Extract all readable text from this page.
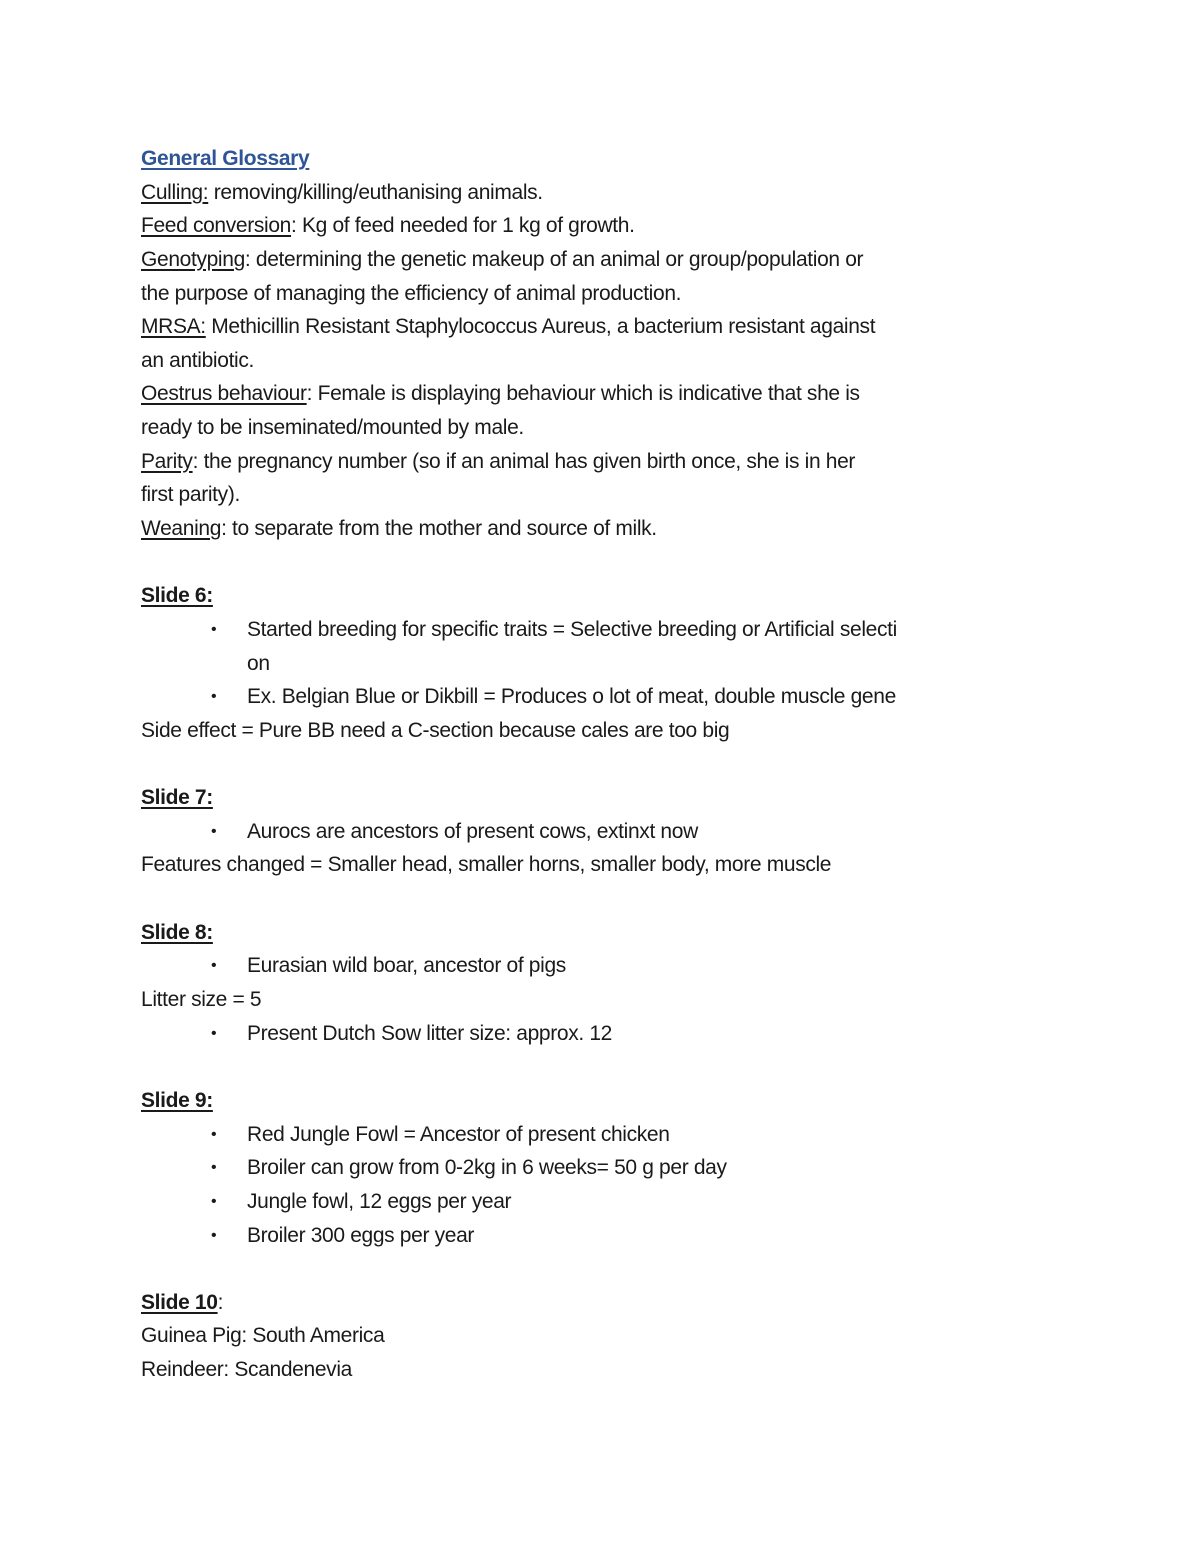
General Glossary
Culling: removing/killing/euthanising animals.
Feed conversion: Kg of feed needed for 1 kg of growth.
Genotyping: determining the genetic makeup of an animal or group/population or
the purpose of managing the efficiency of animal production.
MRSA: Methicillin Resistant Staphylococcus Aureus, a bacterium resistant against
an antibiotic.
Oestrus behaviour: Female is displaying behaviour which is indicative that she is
ready to be inseminated/mounted by male.
Parity: the pregnancy number (so if an animal has given birth once, she is in her
first parity).
Weaning: to separate from the mother and source of milk.
Slide 6:
• Started breeding for specific traits = Selective breeding or Artificial selecti
on
• Ex. Belgian Blue or Dikbill = Produces o lot of meat, double muscle gene
Side effect = Pure BB need a C-section because cales are too big
Slide 7:
• Aurocs are ancestors of present cows, extinxt now
Features changed = Smaller head, smaller horns, smaller body, more muscle
Slide 8:
• Eurasian wild boar, ancestor of pigs
Litter size = 5
• Present Dutch Sow litter size: approx. 12
Slide 9:
• Red Jungle Fowl = Ancestor of present chicken
• Broiler can grow from 0-2kg in 6 weeks= 50 g per day
• Jungle fowl, 12 eggs per year
• Broiler 300 eggs per year
Slide 10:
Guinea Pig: South America
Reindeer: Scandenevia
